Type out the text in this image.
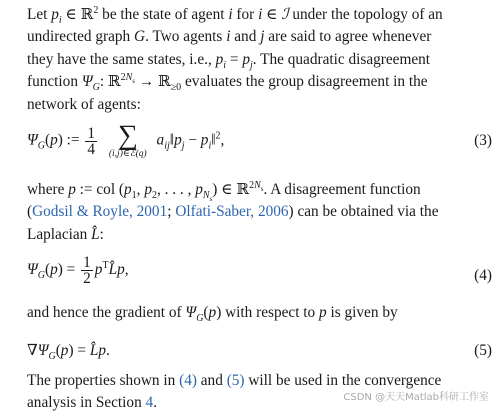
Let $p_i$ ∈ ℝ$^2$ be the state of agent i for i ∈ ℐ under the topology of an
undirected graph G. Two agents i and j are said to agree whenever
they have the same states, i.e., $p_i = p_j$. The quadratic disagreement
function $\Psi_G$: ℝ$^{2N_s}$ → ℝ$_{\ge 0}$ evaluates the group disagreement in the
network of agents:
$\Psi_G(p)$ := $\frac{1}{4}$
∑
(i,j)∈ℰ(q)
$a_{ij}‖p_j$ − $p_i‖^2$,	(3)
where p := col ($p_1$, $p_2$, . . . , $p_{N_s}$) ∈ ℝ$^{2N_s}$. A disagreement function
(Godsil & Royle, 2001; Olfati-Saber, 2006) can be obtained via the
Laplacian L̂:
$\Psi_G(p) = \frac{1}{2}$ $p^TL̂p$,	(4)
and hence the gradient of $\Psi_G(p)$ with respect to p is given by
$\nabla\Psi_G(p)$ = L̂p.	(5)
The properties shown in (4) and (5) will be used in the convergence
analysis in Section 4.	CSDN @天天Matlab科研工作室
